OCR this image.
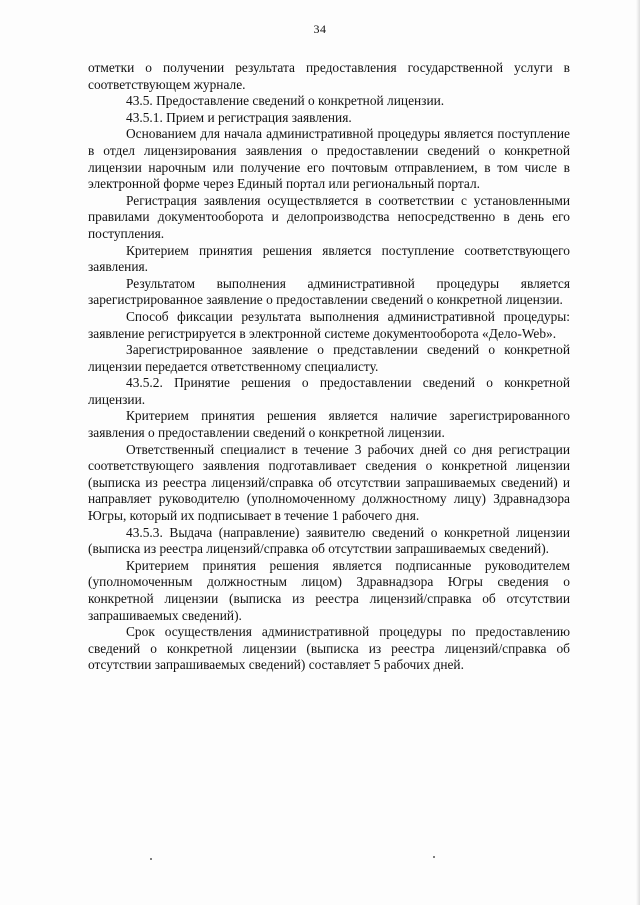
34

отметки о получении результата предоставления государственной услуги в соответствующем журнале.

43.5. Предоставление сведений о конкретной лицензии.

43.5.1. Прием и регистрация заявления.

Основанием для начала административной процедуры является поступление в отдел лицензирования заявления о предоставлении сведений о конкретной лицензии нарочным или получение его почтовым отправлением, в том числе в электронной форме через Единый портал или региональный портал.

Регистрация заявления осуществляется в соответствии с установленными правилами документооборота и делопроизводства непосредственно в день его поступления.

Критерием принятия решения является поступление соответствующего заявления.

Результатом выполнения административной процедуры является зарегистрированное заявление о предоставлении сведений о конкретной лицензии.

Способ фиксации результата выполнения административной процедуры: заявление регистрируется в электронной системе документооборота «Дело-Web».

Зарегистрированное заявление о представлении сведений о конкретной лицензии передается ответственному специалисту.

43.5.2. Принятие решения о предоставлении сведений о конкретной лицензии.

Критерием принятия решения является наличие зарегистрированного заявления о предоставлении сведений о конкретной лицензии.

Ответственный специалист в течение 3 рабочих дней со дня регистрации соответствующего заявления подготавливает сведения о конкретной лицензии (выписка из реестра лицензий/справка об отсутствии запрашиваемых сведений) и направляет руководителю (уполномоченному должностному лицу) Здравнадзора Югры, который их подписывает в течение 1 рабочего дня.

43.5.3. Выдача (направление) заявителю сведений о конкретной лицензии (выписка из реестра лицензий/справка об отсутствии запрашиваемых сведений).

Критерием принятия решения является подписанные руководителем (уполномоченным должностным лицом) Здравнадзора Югры сведения о конкретной лицензии (выписка из реестра лицензий/справка об отсутствии запрашиваемых сведений).

Срок осуществления административной процедуры по предоставлению сведений о конкретной лицензии (выписка из реестра лицензий/справка об отсутствии запрашиваемых сведений) составляет 5 рабочих дней.
